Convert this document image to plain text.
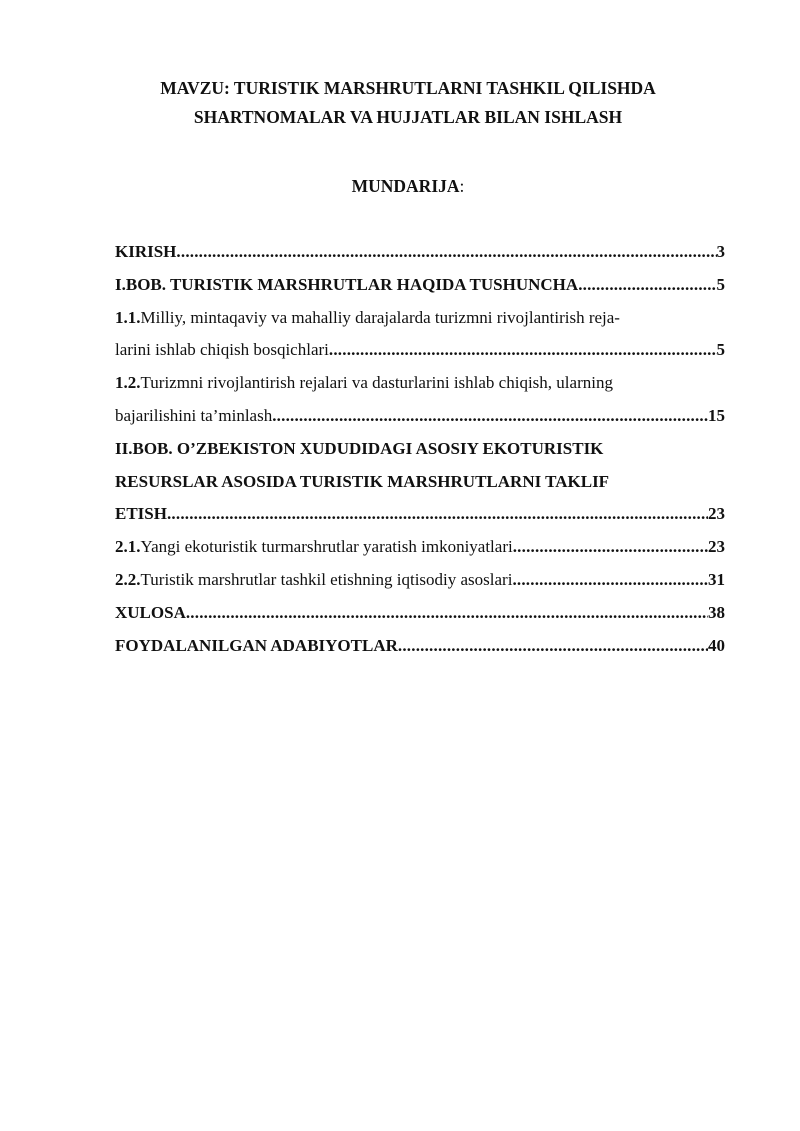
MAVZU: TURISTIK MARSHRUTLARNI TASHKIL QILISHDA
SHARTNOMALAR VA HUJJATLAR BILAN ISHLASH
MUNDARIJA:
KIRISH .....	3
I.BOB. TURISTIK MARSHRUTLAR HAQIDA TUSHUNCHA .....	5
1.1. Milliy, mintaqaviy va mahalliy darajalarda turizmni rivojlantirish reja-
larini ishlab chiqish bosqichlari .....	5
1.2. Turizmni rivojlantirish rejalari va dasturlarini ishlab chiqish, ularning
bajarilishini ta’minlash .....	15
II.BOB. O’ZBEKISTON XUDUDIDAGI ASOSIY EKOTURISTIK
RESURSLAR ASOSIDA TURISTIK MARSHRUTLARNI TAKLIF
ETISH .....	23
2.1. Yangi ekoturistik turmarshrutlar yaratish imkoniyatlari .....	23
2.2. Turistik marshrutlar tashkil etishning iqtisodiy asoslari .....	31
XULOSA .....	38
FOYDALANILGAN ADABIYOTLAR .....	40
